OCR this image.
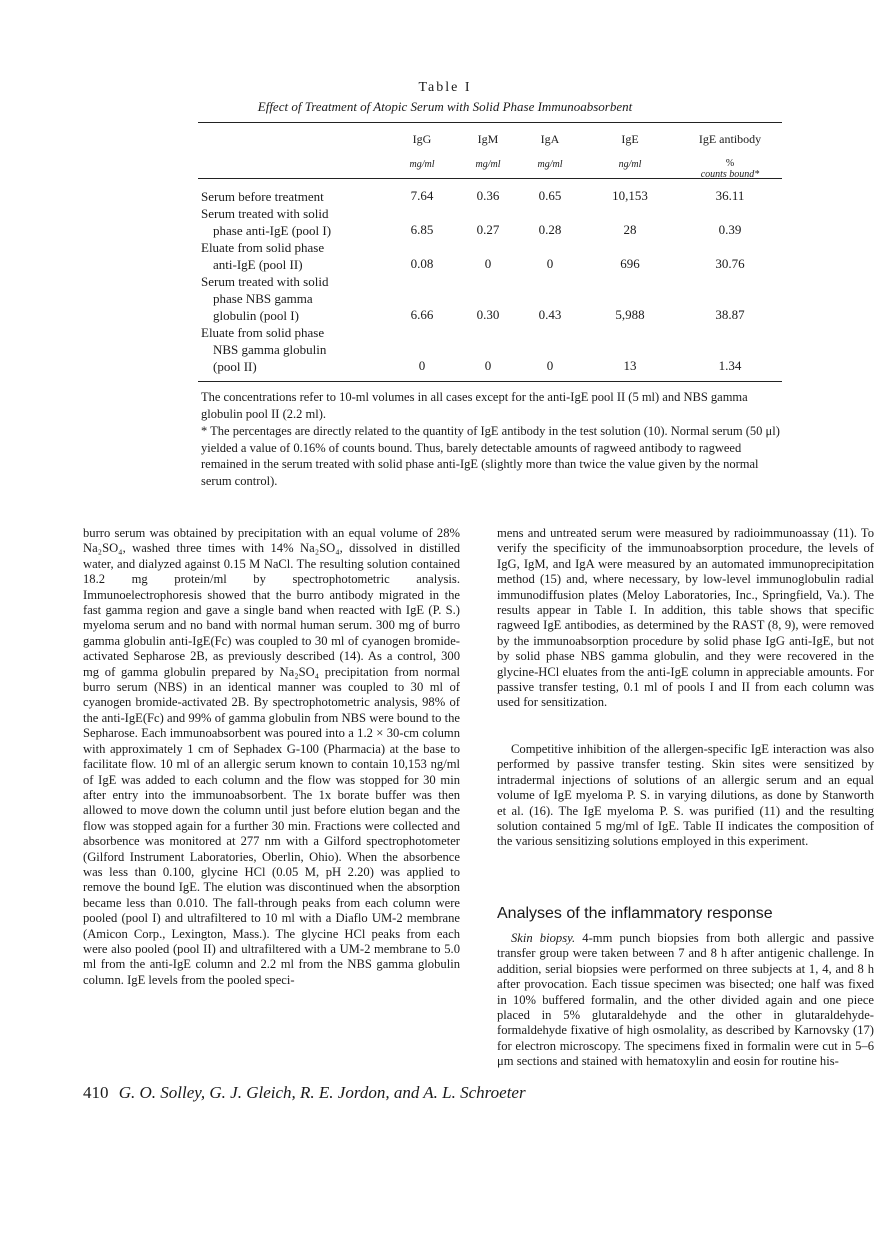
Table I
Effect of Treatment of Atopic Serum with Solid Phase Immunoabsorbent
IgG	IgM	IgA	IgE	IgE antibody
mg/ml	mg/ml	mg/ml	ng/ml	%
counts bound*
Serum before treatment	7.64	0.36	0.65	10,153	36.11
Serum treated with solid
phase anti-IgE (pool I)	6.85	0.27	0.28	28	0.39
Eluate from solid phase
anti-IgE (pool II)	0.08	0	0	696	30.76
Serum treated with solid
phase NBS gamma
globulin (pool I)	6.66	0.30	0.43	5,988	38.87
Eluate from solid phase
NBS gamma globulin
(pool II)	0	0	0	13	1.34
The concentrations refer to 10-ml volumes in all cases except for the anti-IgE pool II (5 ml) and NBS gamma globulin pool II (2.2 ml).
* The percentages are directly related to the quantity of IgE antibody in the test solution (10). Normal serum (50 μl) yielded a value of 0.16% of counts bound. Thus, barely detectable amounts of ragweed antibody to ragweed remained in the serum treated with solid phase anti-IgE (slightly more than twice the value given by the normal serum control).
burro serum was obtained by precipitation with an equal volume of 28% Na₂SO₄, washed three times with 14% Na₂SO₄, dissolved in distilled water, and dialyzed against 0.15 M NaCl. The resulting solution contained 18.2 mg protein/ml by spectrophotometric analysis. Immunoelectrophoresis showed that the burro antibody migrated in the fast gamma region and gave a single band when reacted with IgE (P. S.) myeloma serum and no band with normal human serum. 300 mg of burro gamma globulin anti-IgE(Fc) was coupled to 30 ml of cyanogen bromide-activated Sepharose 2B, as previously described (14). As a control, 300 mg of gamma globulin prepared by Na₂SO₄ precipitation from normal burro serum (NBS) in an identical manner was coupled to 30 ml of cyanogen bromide-activated 2B. By spectrophotometric analysis, 98% of the anti-IgE(Fc) and 99% of gamma globulin from NBS were bound to the Sepharose. Each immunoabsorbent was poured into a 1.2 × 30-cm column with approximately 1 cm of Sephadex G-100 (Pharmacia) at the base to facilitate flow. 10 ml of an allergic serum known to contain 10,153 ng/ml of IgE was added to each column and the flow was stopped for 30 min after entry into the immunoabsorbent. The 1x borate buffer was then allowed to move down the column until just before elution began and the flow was stopped again for a further 30 min. Fractions were collected and absorbence was monitored at 277 nm with a Gilford spectrophotometer (Gilford Instrument Laboratories, Oberlin, Ohio). When the absorbence was less than 0.100, glycine HCl (0.05 M, pH 2.20) was applied to remove the bound IgE. The elution was discontinued when the absorption became less than 0.010. The fall-through peaks from each column were pooled (pool I) and ultrafiltered to 10 ml with a Diaflo UM-2 membrane (Amicon Corp., Lexington, Mass.). The glycine HCl peaks from each were also pooled (pool II) and ultrafiltered with a UM-2 membrane to 5.0 ml from the anti-IgE column and 2.2 ml from the NBS gamma globulin column. IgE levels from the pooled speci-
mens and untreated serum were measured by radioimmunoassay (11). To verify the specificity of the immunoabsorption procedure, the levels of IgG, IgM, and IgA were measured by an automated immunoprecipitation method (15) and, where necessary, by low-level immunoglobulin radial immunodiffusion plates (Meloy Laboratories, Inc., Springfield, Va.). The results appear in Table I. In addition, this table shows that specific ragweed IgE antibodies, as determined by the RAST (8, 9), were removed by the immunoabsorption procedure by solid phase IgG anti-IgE, but not by solid phase NBS gamma globulin, and they were recovered in the glycine-HCl eluates from the anti-IgE column in appreciable amounts. For passive transfer testing, 0.1 ml of pools I and II from each column was used for sensitization.
Competitive inhibition of the allergen-specific IgE interaction was also performed by passive transfer testing. Skin sites were sensitized by intradermal injections of solutions of an allergic serum and an equal volume of IgE myeloma P. S. in varying dilutions, as done by Stanworth et al. (16). The IgE myeloma P. S. was purified (11) and the resulting solution contained 5 mg/ml of IgE. Table II indicates the composition of the various sensitizing solutions employed in this experiment.
Analyses of the inflammatory response
Skin biopsy. 4-mm punch biopsies from both allergic and passive transfer group were taken between 7 and 8 h after antigenic challenge. In addition, serial biopsies were performed on three subjects at 1, 4, and 8 h after provocation. Each tissue specimen was bisected; one half was fixed in 10% buffered formalin, and the other divided again and one piece placed in 5% glutaraldehyde and the other in glutaraldehyde-formaldehyde fixative of high osmolality, as described by Karnovsky (17) for electron microscopy. The specimens fixed in formalin were cut in 5–6 μm sections and stained with hematoxylin and eosin for routine his-
410 G. O. Solley, G. J. Gleich, R. E. Jordon, and A. L. Schroeter
